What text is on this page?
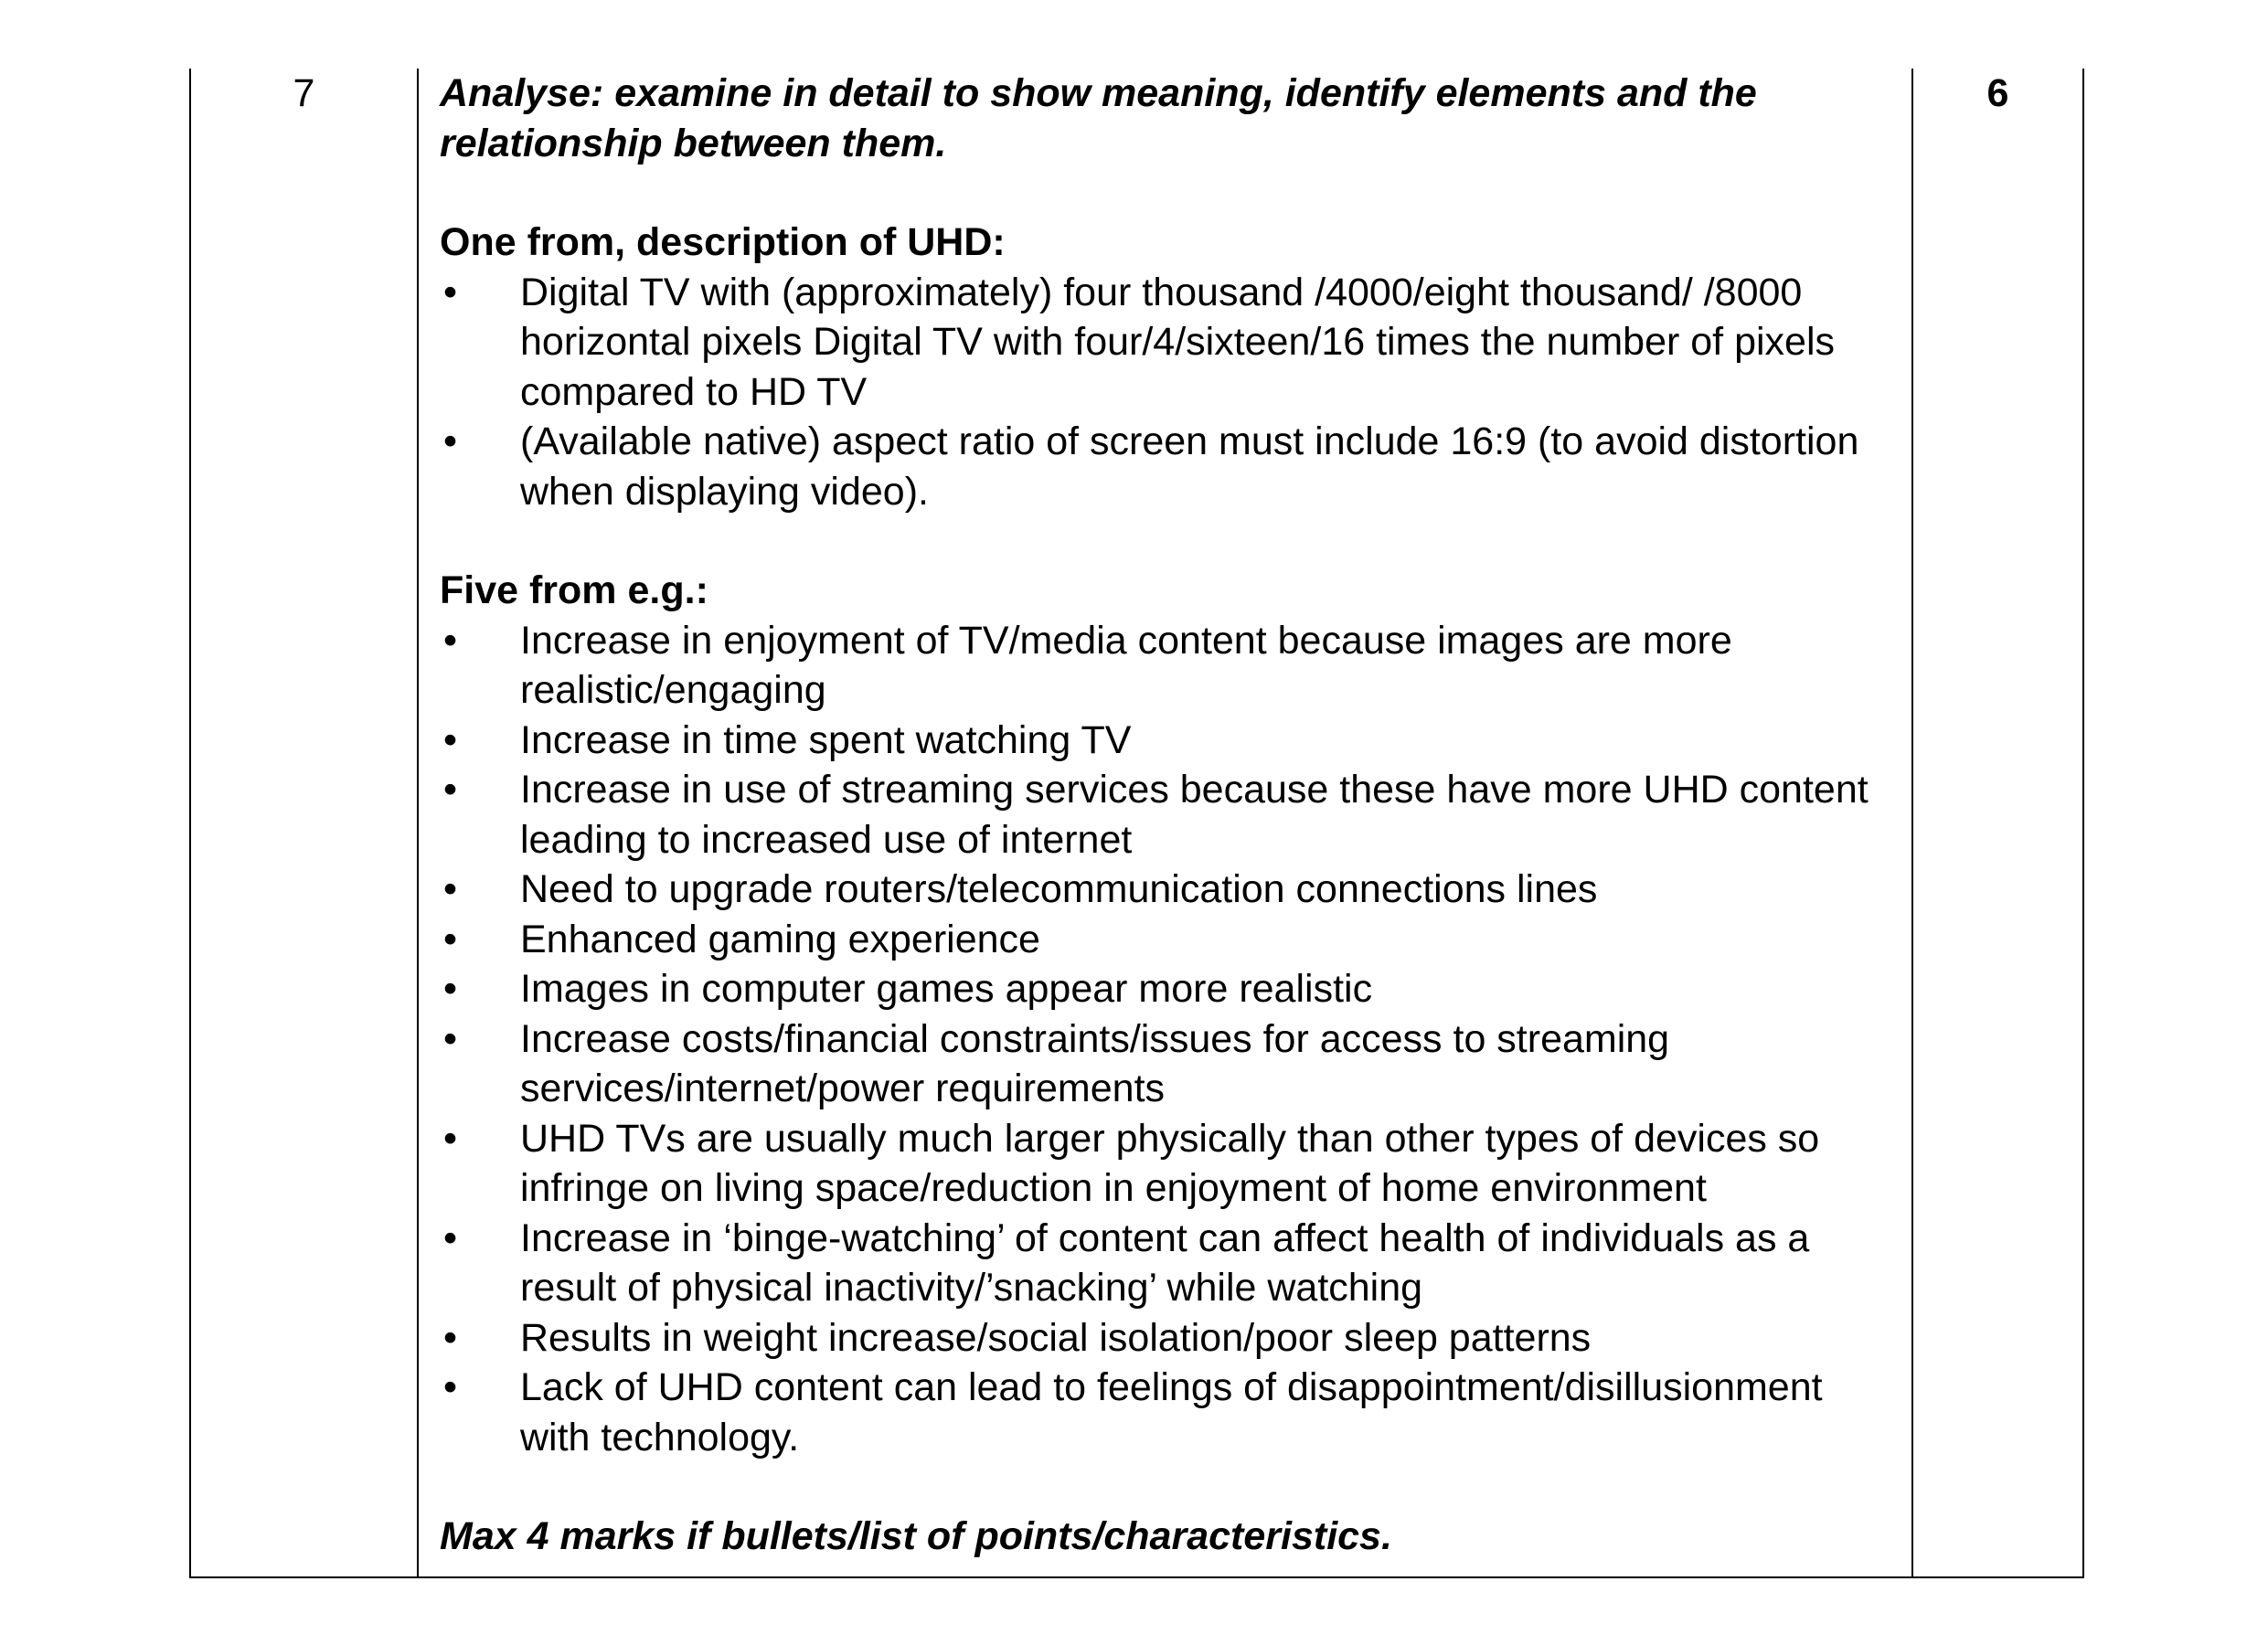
7	Analyse: examine in detail to show meaning, identify elements and the relationship between them.

One from, description of UHD:

• Digital TV with (approximately) four thousand /4000/eight thousand/ /8000 horizontal pixels Digital TV with four/4/sixteen/16 times the number of pixels compared to HD TV
• (Available native) aspect ratio of screen must include 16:9 (to avoid distortion when displaying video).

Five from e.g.:

• Increase in enjoyment of TV/media content because images are more realistic/engaging
• Increase in time spent watching TV
• Increase in use of streaming services because these have more UHD content leading to increased use of internet
• Need to upgrade routers/telecommunication connections lines
• Enhanced gaming experience
• Images in computer games appear more realistic
• Increase costs/financial constraints/issues for access to streaming services/internet/power requirements
• UHD TVs are usually much larger physically than other types of devices so infringe on living space/reduction in enjoyment of home environment
• Increase in ‘binge-watching’ of content can affect health of individuals as a result of physical inactivity/’snacking’ while watching
• Results in weight increase/social isolation/poor sleep patterns
• Lack of UHD content can lead to feelings of disappointment/disillusionment with technology.

Max 4 marks if bullets/list of points/characteristics.

6
